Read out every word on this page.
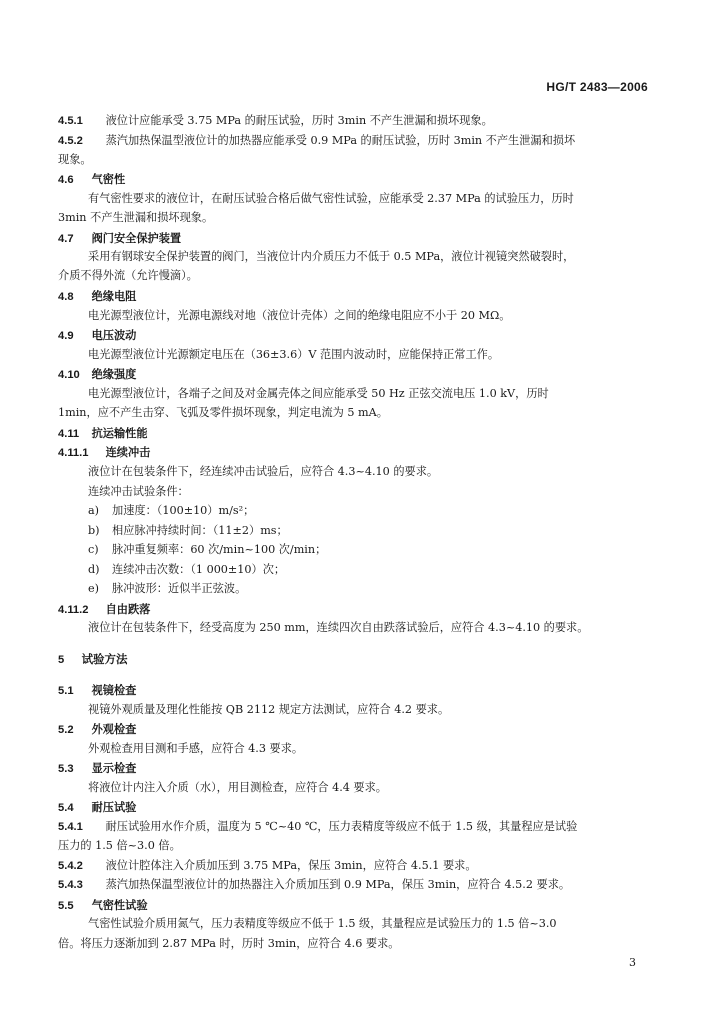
HG/T 2483—2006
4.5.1 液位计应能承受 3.75 MPa 的耐压试验，历时 3min 不产生泄漏和损坏现象。
4.5.2 蒸汽加热保温型液位计的加热器应能承受 0.9 MPa 的耐压试验，历时 3min 不产生泄漏和损坏
现象。
4.6 气密性
有气密性要求的液位计，在耐压试验合格后做气密性试验，应能承受 2.37 MPa 的试验压力，历时
3min 不产生泄漏和损坏现象。
4.7 阀门安全保护装置
采用有钢球安全保护装置的阀门，当液位计内介质压力不低于 0.5 MPa，液位计视镜突然破裂时，
介质不得外流（允许慢滴）。
4.8 绝缘电阻
电光源型液位计，光源电源线对地（液位计壳体）之间的绝缘电阻应不小于 20 MΩ。
4.9 电压波动
电光源型液位计光源额定电压在（36±3.6）V 范围内波动时，应能保持正常工作。
4.10 绝缘强度
电光源型液位计，各端子之间及对金属壳体之间应能承受 50 Hz 正弦交流电压 1.0 kV，历时
1min，应不产生击穿、飞弧及零件损坏现象，判定电流为 5 mA。
4.11 抗运输性能
4.11.1 连续冲击
液位计在包装条件下，经连续冲击试验后，应符合 4.3~4.10 的要求。
连续冲击试验条件：
a) 加速度：（100±10）m/s²；
b) 相应脉冲持续时间：（11±2）ms；
c) 脉冲重复频率：60 次/min~100 次/min；
d) 连续冲击次数：（1 000±10）次；
e) 脉冲波形：近似半正弦波。
4.11.2 自由跌落
液位计在包装条件下，经受高度为 250 mm，连续四次自由跌落试验后，应符合 4.3~4.10 的要求。
5 试验方法
5.1 视镜检查
视镜外观质量及理化性能按 QB 2112 规定方法测试，应符合 4.2 要求。
5.2 外观检查
外观检查用目测和手感，应符合 4.3 要求。
5.3 显示检查
将液位计内注入介质（水），用目测检查，应符合 4.4 要求。
5.4 耐压试验
5.4.1 耐压试验用水作介质，温度为 5 ℃~40 ℃，压力表精度等级应不低于 1.5 级，其量程应是试验
压力的 1.5 倍~3.0 倍。
5.4.2 液位计腔体注入介质加压到 3.75 MPa，保压 3min，应符合 4.5.1 要求。
5.4.3 蒸汽加热保温型液位计的加热器注入介质加压到 0.9 MPa，保压 3min，应符合 4.5.2 要求。
5.5 气密性试验
气密性试验介质用氮气，压力表精度等级应不低于 1.5 级，其量程应是试验压力的 1.5 倍~3.0
倍。将压力逐渐加到 2.87 MPa 时，历时 3min，应符合 4.6 要求。
3
